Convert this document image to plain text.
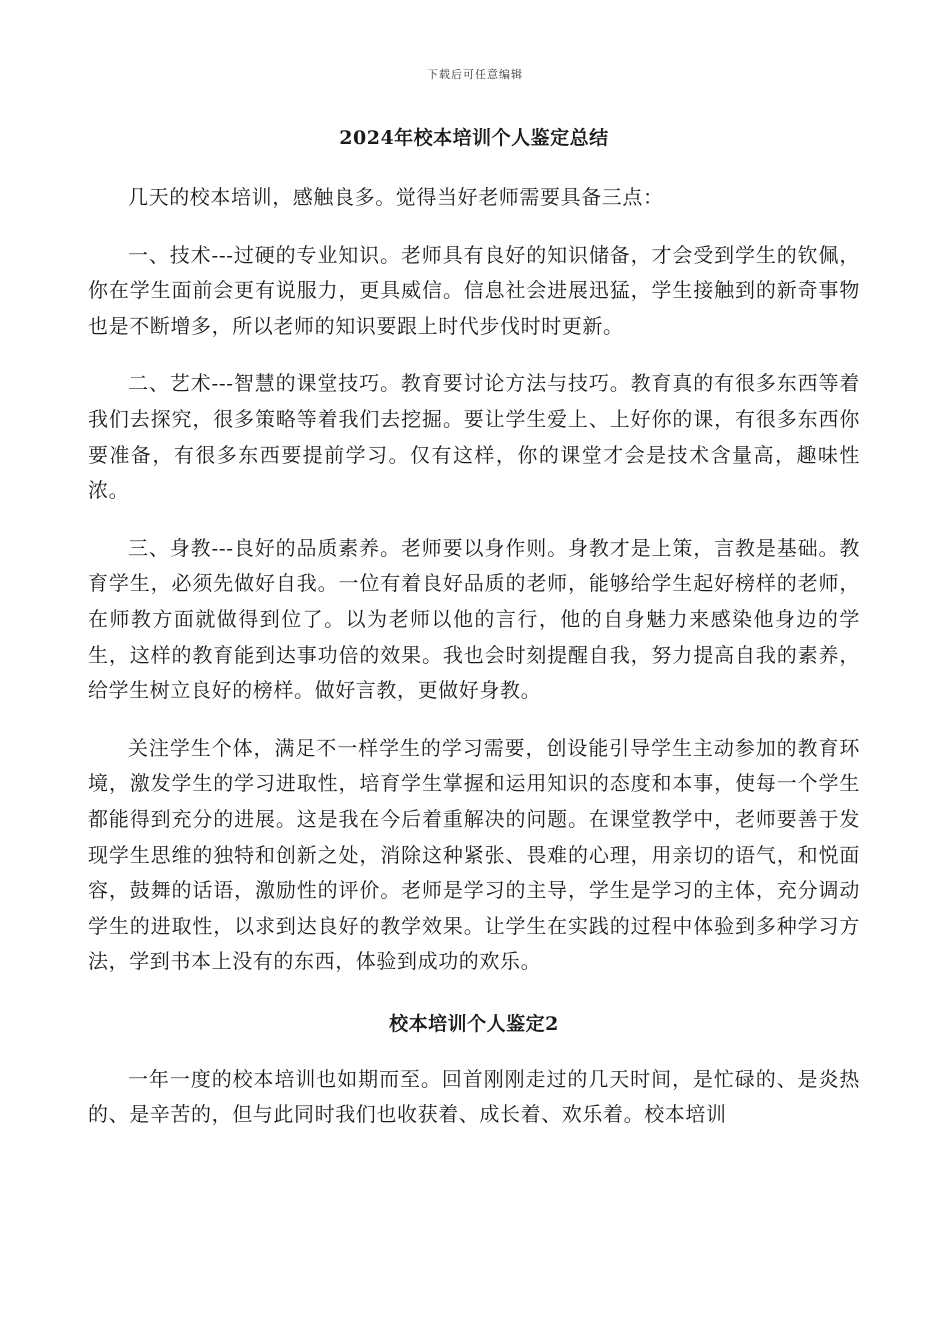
下载后可任意编辑
2024年校本培训个人鉴定总结

几天的校本培训，感触良多。觉得当好老师需要具备三点：

一、技术---过硬的专业知识。老师具有良好的知识储备，才会受到学生的钦佩，你在学生面前会更有说服力，更具威信。信息社会进展迅猛，学生接触到的新奇事物也是不断增多，所以老师的知识要跟上时代步伐时时更新。

二、艺术---智慧的课堂技巧。教育要讨论方法与技巧。教育真的有很多东西等着我们去探究，很多策略等着我们去挖掘。要让学生爱上、上好你的课，有很多东西你要准备，有很多东西要提前学习。仅有这样，你的课堂才会是技术含量高，趣味性浓。

三、身教---良好的品质素养。老师要以身作则。身教才是上策，言教是基础。教育学生，必须先做好自我。一位有着良好品质的老师，能够给学生起好榜样的老师，在师教方面就做得到位了。以为老师以他的言行，他的自身魅力来感染他身边的学生，这样的教育能到达事功倍的效果。我也会时刻提醒自我，努力提高自我的素养，给学生树立良好的榜样。做好言教，更做好身教。

关注学生个体，满足不一样学生的学习需要，创设能引导学生主动参加的教育环境，激发学生的学习进取性，培育学生掌握和运用知识的态度和本事，使每一个学生都能得到充分的进展。这是我在今后着重解决的问题。在课堂教学中，老师要善于发现学生思维的独特和创新之处，消除这种紧张、畏难的心理，用亲切的语气，和悦面容，鼓舞的话语，激励性的评价。老师是学习的主导，学生是学习的主体，充分调动学生的进取性，以求到达良好的教学效果。让学生在实践的过程中体验到多种学习方法，学到书本上没有的东西，体验到成功的欢乐。

校本培训个人鉴定2

一年一度的校本培训也如期而至。回首刚刚走过的几天时间，是忙碌的、是炎热的、是辛苦的，但与此同时我们也收获着、成长着、欢乐着。校本培训
